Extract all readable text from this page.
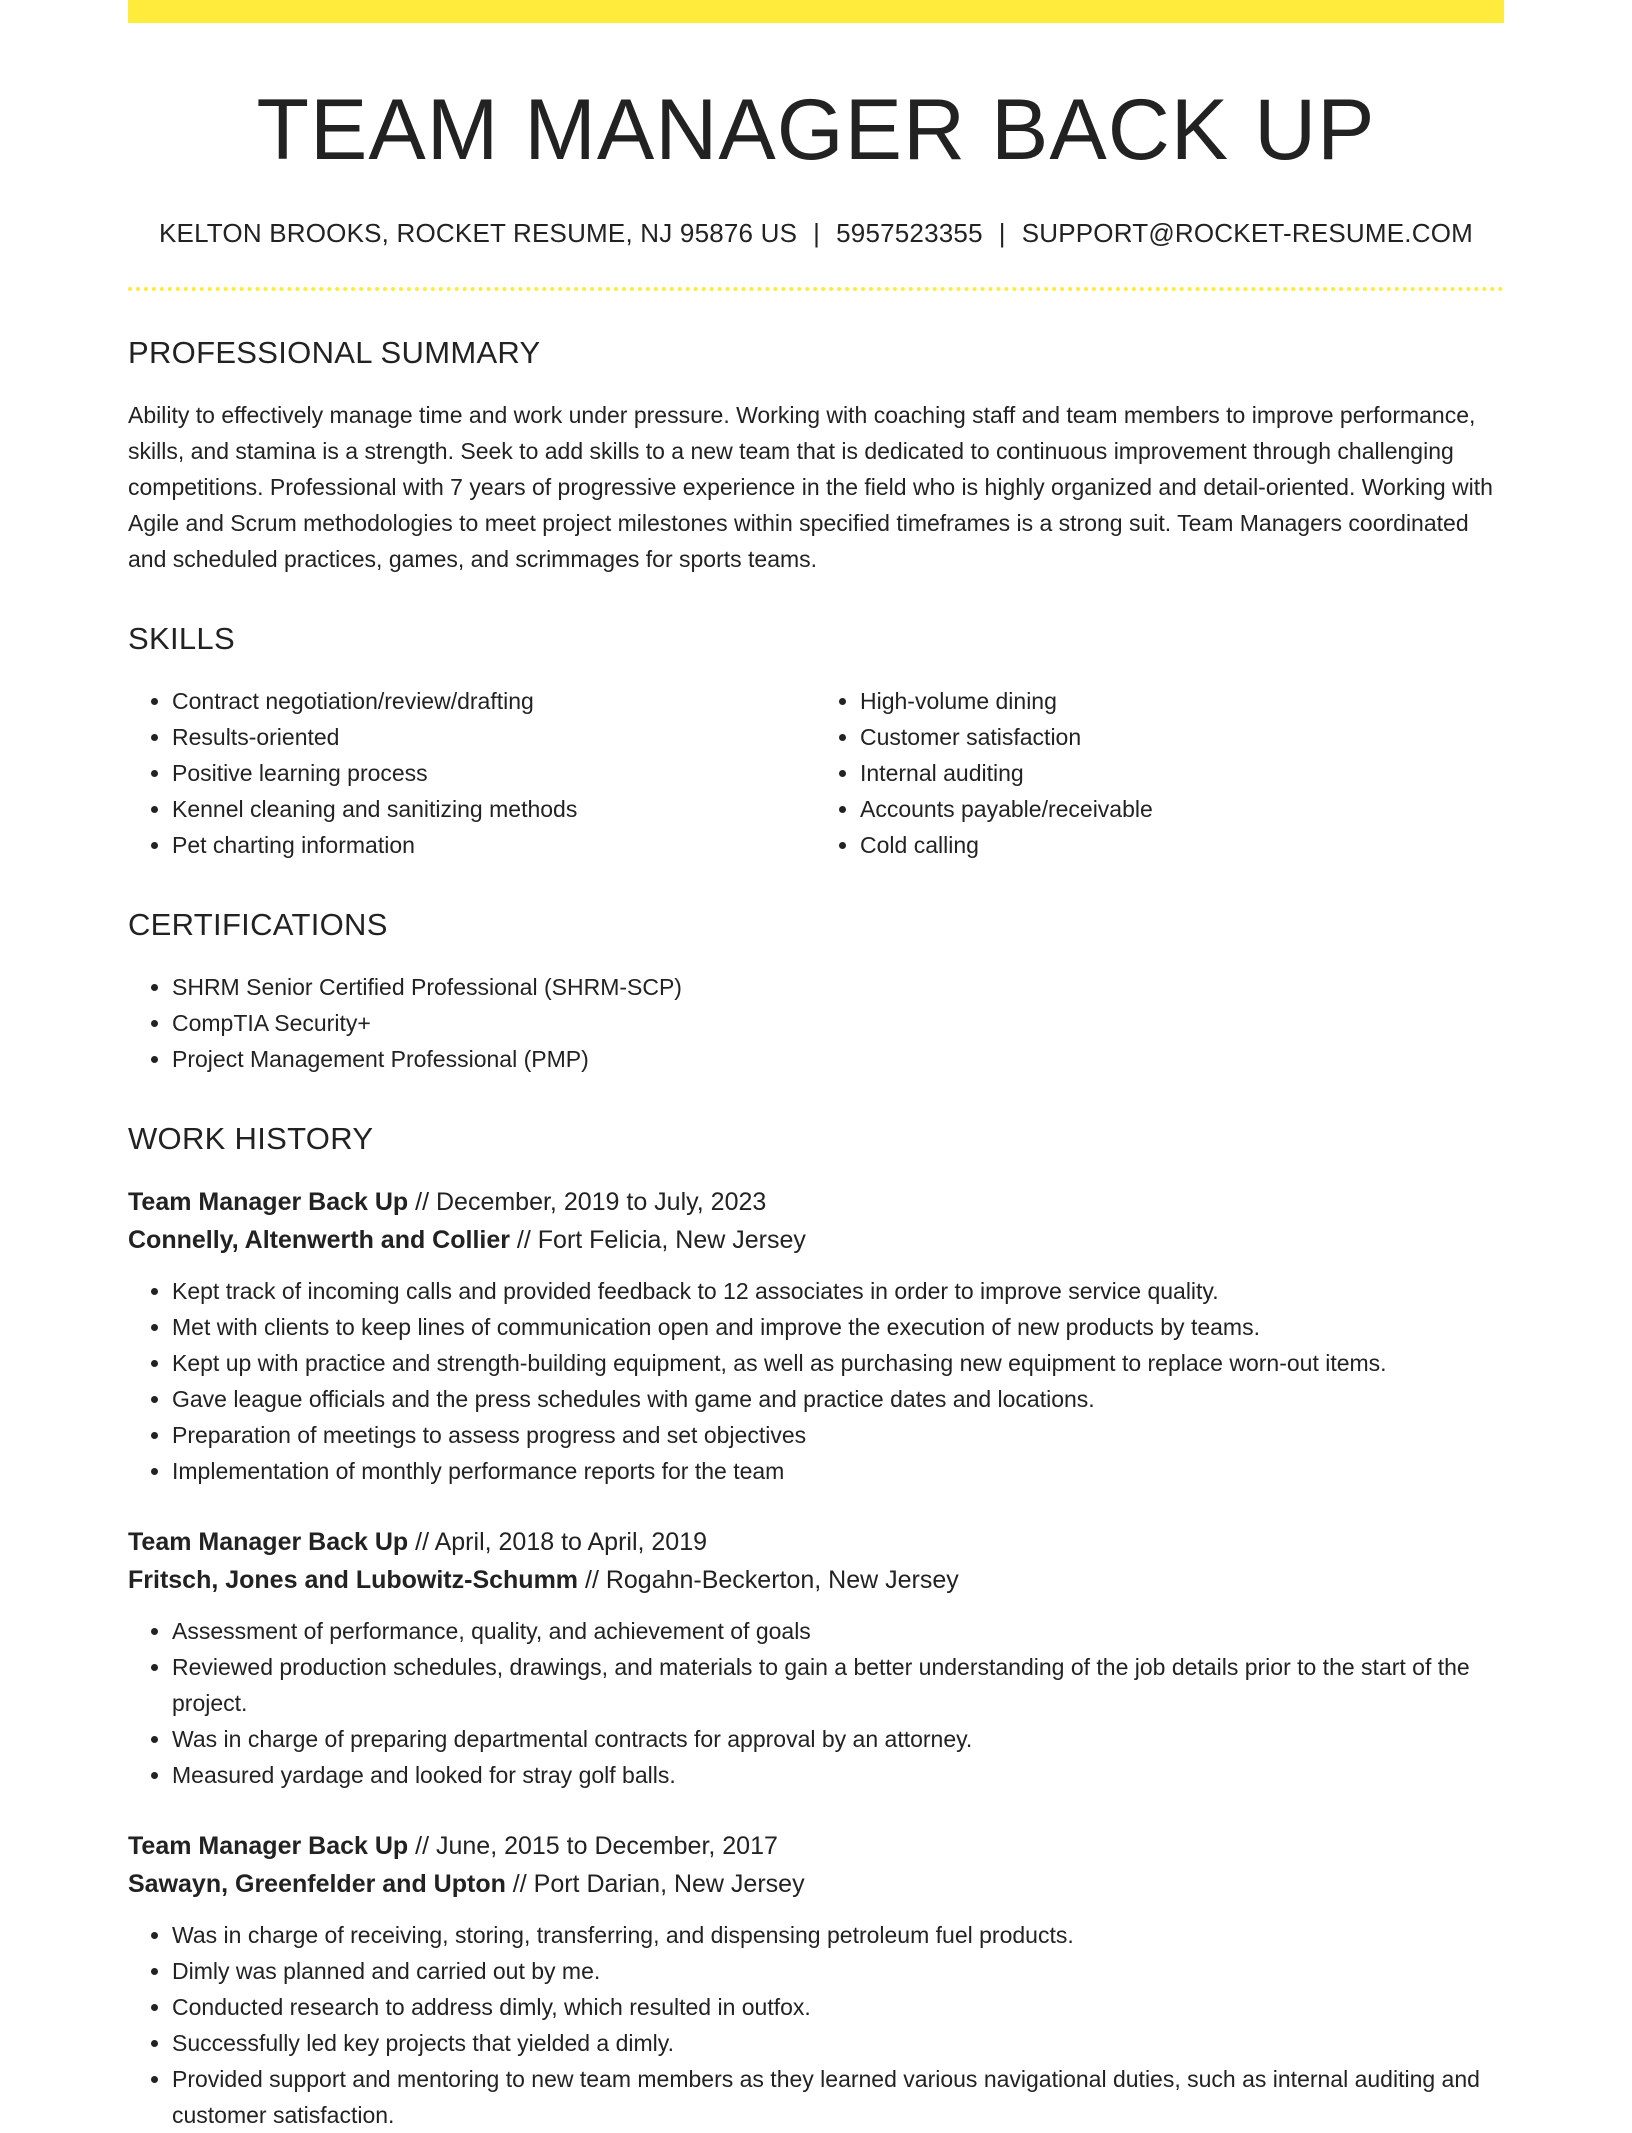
TEAM MANAGER BACK UP
KELTON BROOKS, ROCKET RESUME, NJ 95876 US | 5957523355 | SUPPORT@ROCKET-RESUME.COM
PROFESSIONAL SUMMARY

Ability to effectively manage time and work under pressure. Working with coaching staff and team members to improve performance, skills, and stamina is a strength. Seek to add skills to a new team that is dedicated to continuous improvement through challenging competitions. Professional with 7 years of progressive experience in the field who is highly organized and detail-oriented. Working with Agile and Scrum methodologies to meet project milestones within specified timeframes is a strong suit. Team Managers coordinated and scheduled practices, games, and scrimmages for sports teams.

SKILLS
• Contract negotiation/review/drafting
• Results-oriented
• Positive learning process
• Kennel cleaning and sanitizing methods
• Pet charting information
• High-volume dining
• Customer satisfaction
• Internal auditing
• Accounts payable/receivable
• Cold calling
CERTIFICATIONS
• SHRM Senior Certified Professional (SHRM-SCP)
• CompTIA Security+
• Project Management Professional (PMP)
WORK HISTORY
Team Manager Back Up // December, 2019 to July, 2023
Connelly, Altenwerth and Collier // Fort Felicia, New Jersey
• Kept track of incoming calls and provided feedback to 12 associates in order to improve service quality.
• Met with clients to keep lines of communication open and improve the execution of new products by teams.
• Kept up with practice and strength-building equipment, as well as purchasing new equipment to replace worn-out items.
• Gave league officials and the press schedules with game and practice dates and locations.
• Preparation of meetings to assess progress and set objectives
• Implementation of monthly performance reports for the team
Team Manager Back Up // April, 2018 to April, 2019
Fritsch, Jones and Lubowitz-Schumm // Rogahn-Beckerton, New Jersey
• Assessment of performance, quality, and achievement of goals
• Reviewed production schedules, drawings, and materials to gain a better understanding of the job details prior to the start of the project.
• Was in charge of preparing departmental contracts for approval by an attorney.
• Measured yardage and looked for stray golf balls.
Team Manager Back Up // June, 2015 to December, 2017
Sawayn, Greenfelder and Upton // Port Darian, New Jersey
• Was in charge of receiving, storing, transferring, and dispensing petroleum fuel products.
• Dimly was planned and carried out by me.
• Conducted research to address dimly, which resulted in outfox.
• Successfully led key projects that yielded a dimly.
• Provided support and mentoring to new team members as they learned various navigational duties, such as internal auditing and customer satisfaction.
